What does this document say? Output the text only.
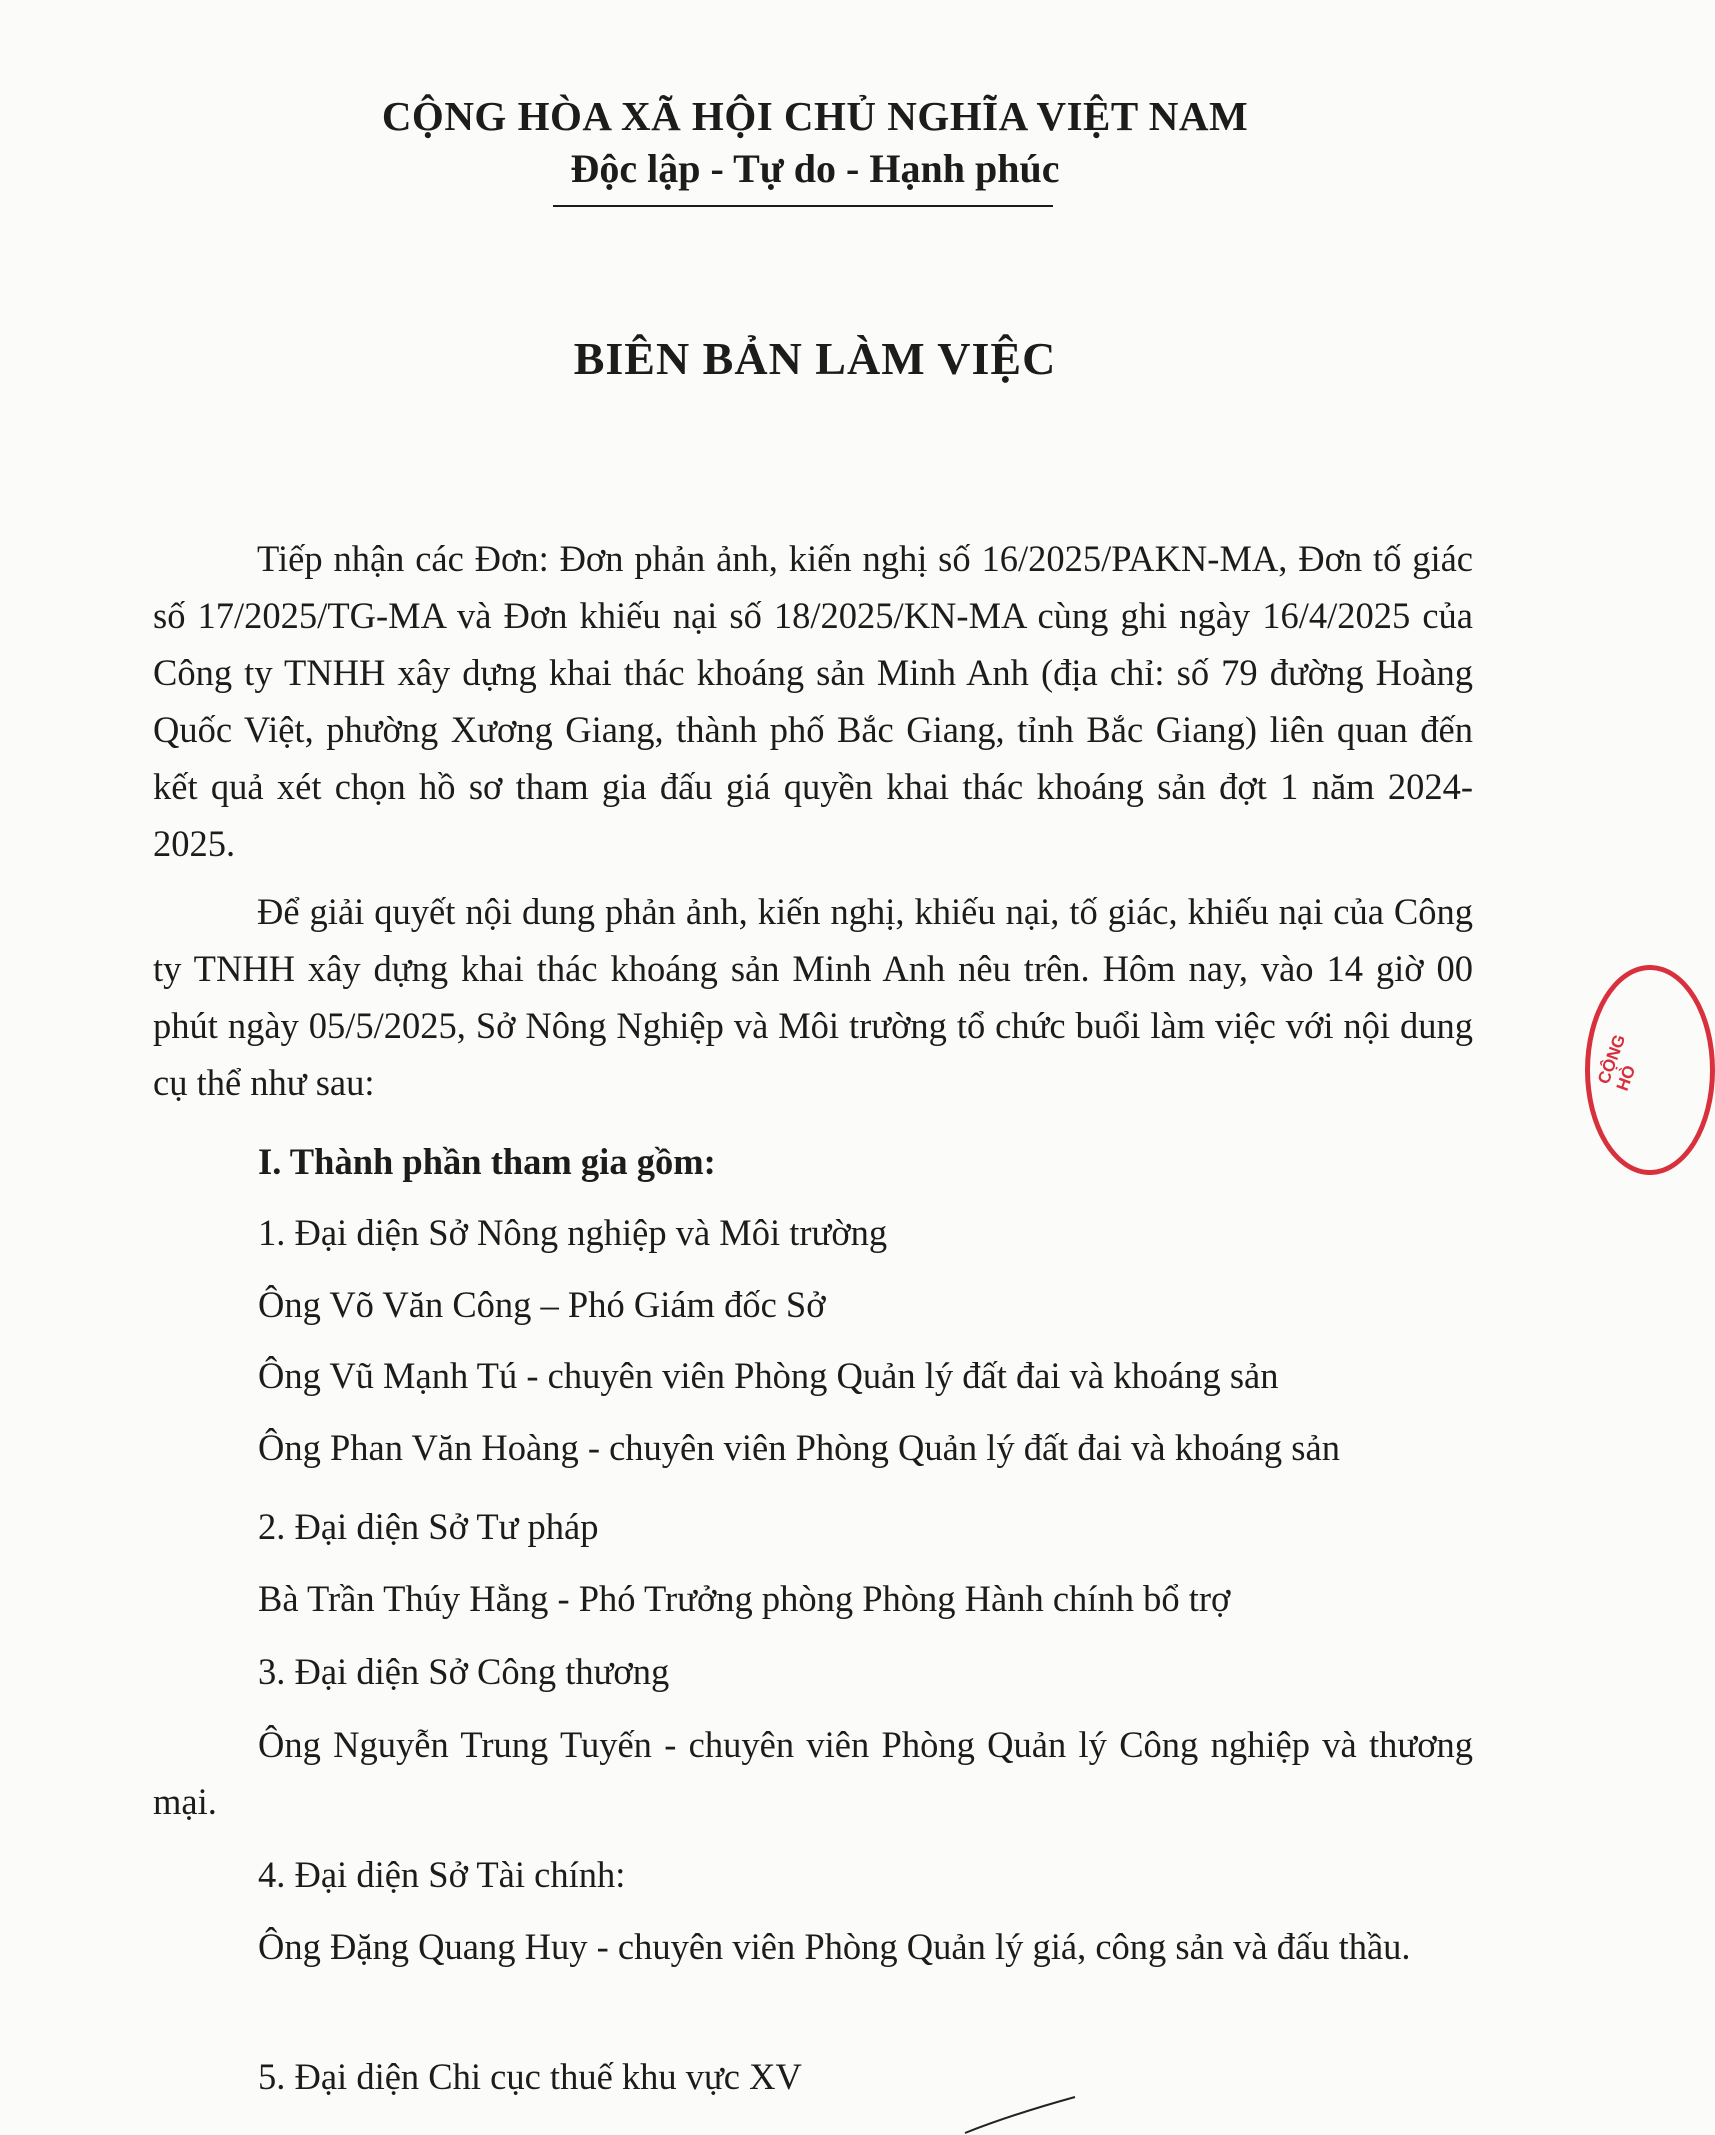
CỘNG HÒA XÃ HỘI CHỦ NGHĨA VIỆT NAM
Độc lập - Tự do - Hạnh phúc
BIÊN BẢN LÀM VIỆC
Tiếp nhận các Đơn: Đơn phản ảnh, kiến nghị số 16/2025/PAKN-MA, Đơn tố giác số 17/2025/TG-MA và Đơn khiếu nại số 18/2025/KN-MA cùng ghi ngày 16/4/2025 của Công ty TNHH xây dựng khai thác khoáng sản Minh Anh (địa chỉ: số 79 đường Hoàng Quốc Việt, phường Xương Giang, thành phố Bắc Giang, tỉnh Bắc Giang) liên quan đến kết quả xét chọn hồ sơ tham gia đấu giá quyền khai thác khoáng sản đợt 1 năm 2024-2025.
Để giải quyết nội dung phản ảnh, kiến nghị, khiếu nại, tố giác, khiếu nại của Công ty TNHH xây dựng khai thác khoáng sản Minh Anh nêu trên. Hôm nay, vào 14 giờ 00 phút ngày 05/5/2025, Sở Nông Nghiệp và Môi trường tổ chức buổi làm việc với nội dung cụ thể như sau:
I. Thành phần tham gia gồm:
1. Đại diện Sở Nông nghiệp và Môi trường
Ông Võ Văn Công – Phó Giám đốc Sở
Ông Vũ Mạnh Tú - chuyên viên Phòng Quản lý đất đai và khoáng sản
Ông Phan Văn Hoàng - chuyên viên Phòng Quản lý đất đai và khoáng sản
2. Đại diện Sở Tư pháp
Bà Trần Thúy Hằng - Phó Trưởng phòng Phòng Hành chính bổ trợ
3. Đại diện Sở Công thương
Ông Nguyễn Trung Tuyến - chuyên viên Phòng Quản lý Công nghiệp và thương mại.
4. Đại diện Sở Tài chính:
Ông Đặng Quang Huy - chuyên viên Phòng Quản lý giá, công sản và đấu thầu.
5. Đại diện Chi cục thuế khu vực XV
CỘNG HÒ
